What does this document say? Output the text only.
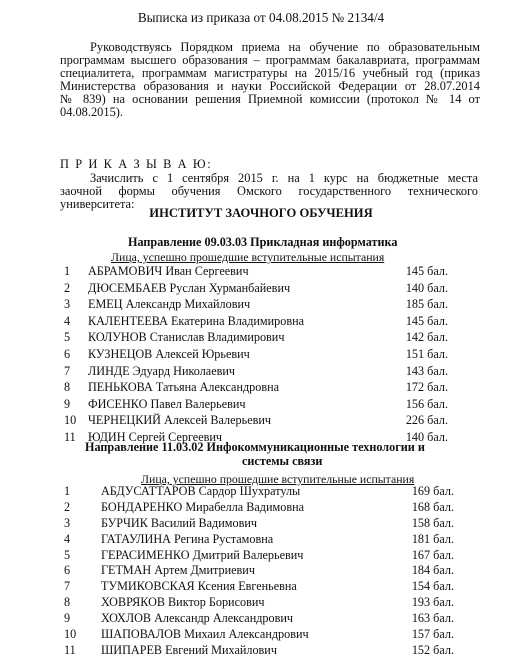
Выписка из приказа от 04.08.2015 № 2134/4
Руководствуясь Порядком приема на обучение по образовательным
программам высшего образования – программам бакалавриата, программам
специалитета, программам магистратуры на 2015/16 учебный год (приказ
Министерства образования и науки Российской Федерации от 28.07.2014
№ 839) на основании решения Приемной комиссии (протокол № 14 от
04.08.2015).
П Р И К А З Ы В А Ю:
Зачислить с 1 сентября 2015 г. на 1 курс на бюджетные места
заочной формы обучения Омского государственного технического
университета:
ИНСТИТУТ ЗАОЧНОГО ОБУЧЕНИЯ
Направление 09.03.03 Прикладная информатика
Лица, успешно прошедшие вступительные испытания
1 АБРАМОВИЧ Иван Сергеевич	145 бал.
2 ДЮСЕМБАЕВ Руслан Хурманбайевич	140 бал.
3 ЕМЕЦ Александр Михайлович	185 бал.
4 КАЛЕНТЕЕВА Екатерина Владимировна	145 бал.
5 КОЛУНОВ Станислав Владимирович	142 бал.
6 КУЗНЕЦОВ Алексей Юрьевич	151 бал.
7 ЛИНДЕ Эдуард Николаевич	143 бал.
8 ПЕНЬКОВА Татьяна Александровна	172 бал.
9 ФИСЕНКО Павел Валерьевич	156 бал.
10 ЧЕРНЕЦКИЙ Алексей Валерьевич	226 бал.
11 ЮДИН Сергей Сергеевич	140 бал.
Направление 11.03.02 Инфокоммуникационные технологии и
системы связи
Лица, успешно прошедшие вступительные испытания
1	АБДУСАТТАРОВ Сардор Шухратулы	169 бал.
2	БОНДАРЕНКО Мирабелла Вадимовна	168 бал.
3	БУРЧИК Василий Вадимович	158 бал.
4	ГАТАУЛИНА Регина Рустамовна	181 бал.
5	ГЕРАСИМЕНКО Дмитрий Валерьевич	167 бал.
6	ГЕТМАН Артем Дмитриевич	184 бал.
7	ТУМИКОВСКАЯ Ксения Евгеньевна	154 бал.
8	ХОВРЯКОВ Виктор Борисович	193 бал.
9	ХОХЛОВ Александр Александрович	163 бал.
10 ШАПОВАЛОВ Михаил Александрович	157 бал.
11 ШИПАРЕВ Евгений Михайлович	152 бал.
